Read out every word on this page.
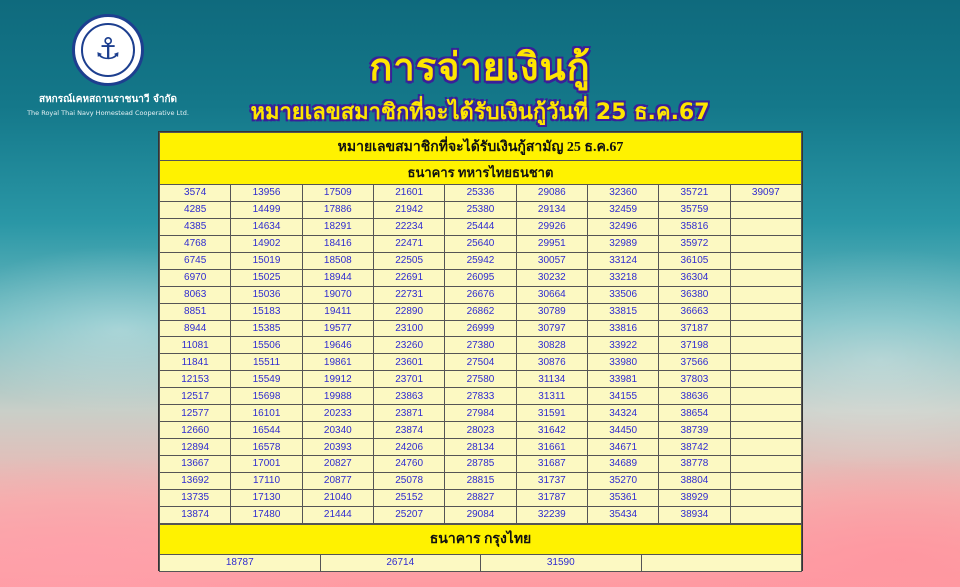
⚓
สหกรณ์เคหสถานราชนาวี จำกัด
The Royal Thai Navy Homestead Cooperative Ltd.
การจ่ายเงินกู้
หมายเลขสมาชิกที่จะได้รับเงินกู้วันที่ 25 ธ.ค.67
หมายเลขสมาชิกที่จะได้รับเงินกู้สามัญ 25 ธ.ค.67								
ธนาคาร ทหารไทยธนชาต								
3574	13956	17509	21601	25336	29086	32360	35721	39097
4285	14499	17886	21942	25380	29134	32459	35759	
4385	14634	18291	22234	25444	29926	32496	35816	
4768	14902	18416	22471	25640	29951	32989	35972	
6745	15019	18508	22505	25942	30057	33124	36105	
6970	15025	18944	22691	26095	30232	33218	36304	
8063	15036	19070	22731	26676	30664	33506	36380	
8851	15183	19411	22890	26862	30789	33815	36663	
8944	15385	19577	23100	26999	30797	33816	37187	
11081	15506	19646	23260	27380	30828	33922	37198	
11841	15511	19861	23601	27504	30876	33980	37566	
12153	15549	19912	23701	27580	31134	33981	37803	
12517	15698	19988	23863	27833	31311	34155	38636	
12577	16101	20233	23871	27984	31591	34324	38654	
12660	16544	20340	23874	28023	31642	34450	38739	
12894	16578	20393	24206	28134	31661	34671	38742	
13667	17001	20827	24760	28785	31687	34689	38778	
13692	17110	20877	25078	28815	31737	35270	38804	
13735	17130	21040	25152	28827	31787	35361	38929	
13874	17480	21444	25207	29084	32239	35434	38934	
ธนาคาร กรุงไทย
18787	26714	31590	
